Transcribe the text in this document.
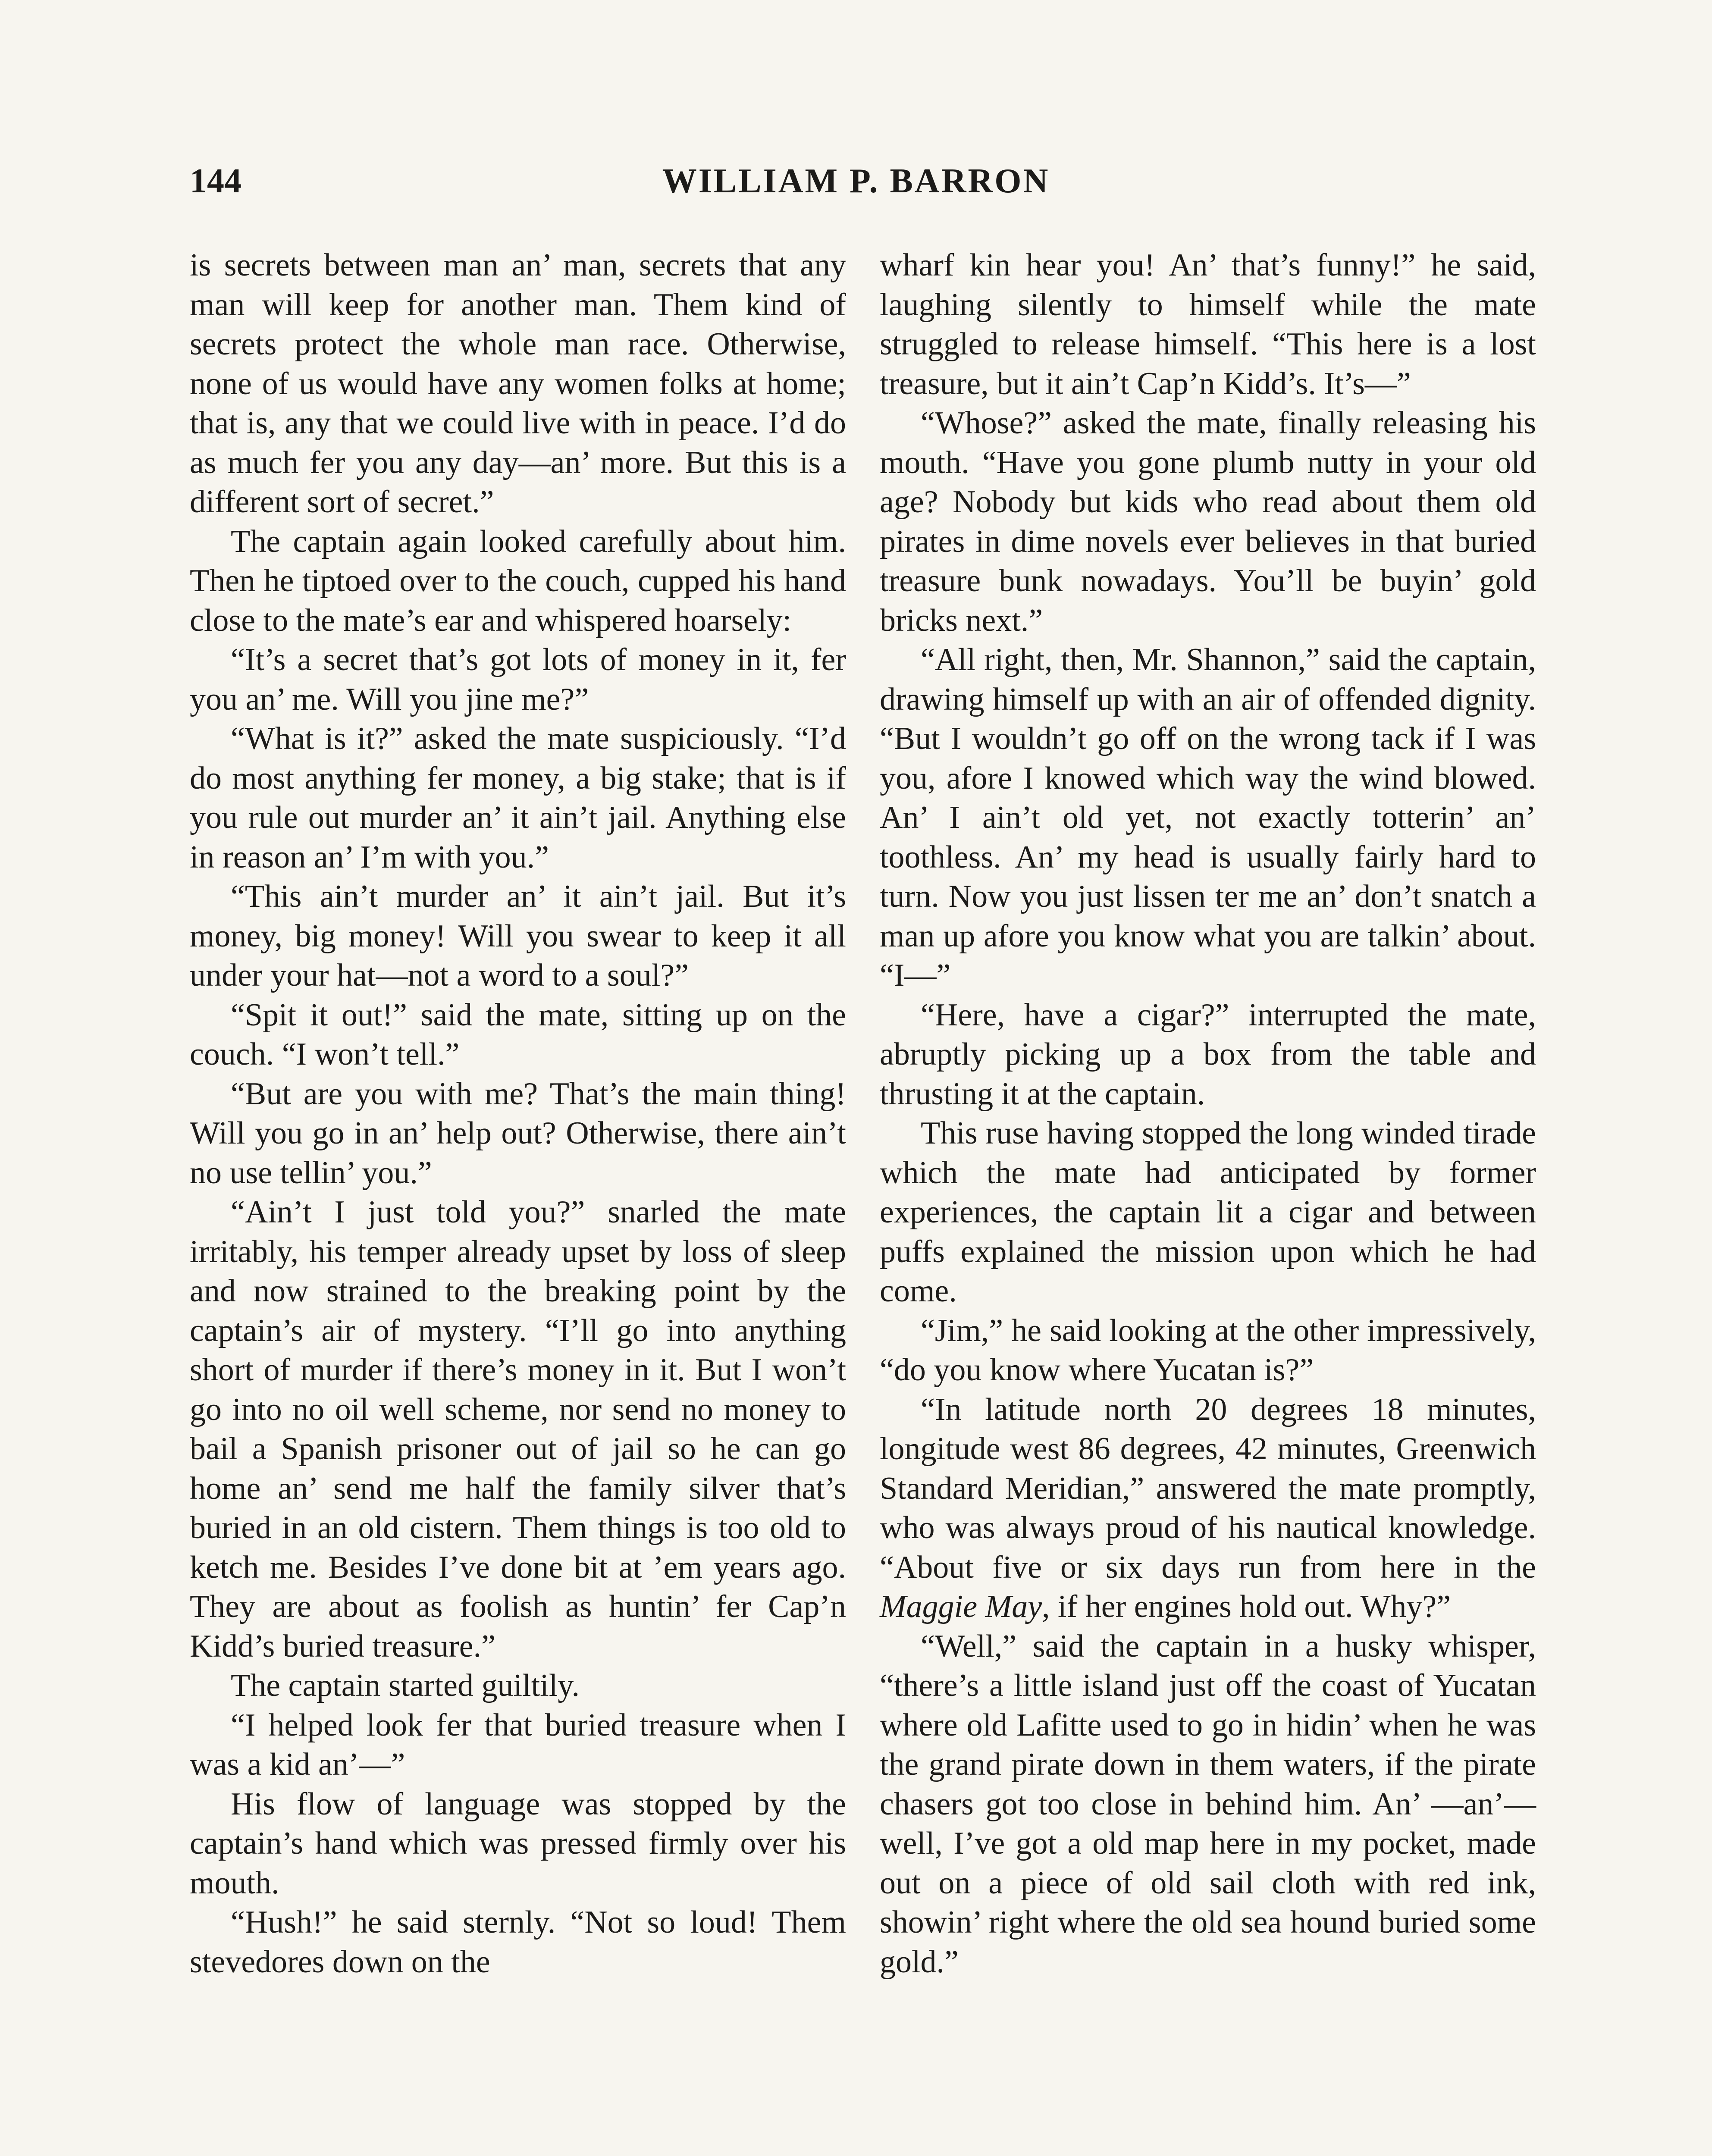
144	WILLIAM P. BARRON

is secrets between man an’ man, secrets that any man will keep for another man. Them kind of secrets protect the whole man race. Otherwise, none of us would have any women folks at home; that is, any that we could live with in peace. I’d do as much fer you any day—an’ more. But this is a different sort of secret.”

The captain again looked carefully about him. Then he tiptoed over to the couch, cupped his hand close to the mate’s ear and whispered hoarsely:

“It’s a secret that’s got lots of money in it, fer you an’ me. Will you jine me?”

“What is it?” asked the mate suspiciously. “I’d do most anything fer money, a big stake; that is if you rule out murder an’ it ain’t jail. Anything else in reason an’ I’m with you.”

“This ain’t murder an’ it ain’t jail. But it’s money, big money! Will you swear to keep it all under your hat—not a word to a soul?”

“Spit it out!” said the mate, sitting up on the couch. “I won’t tell.”

“But are you with me? That’s the main thing! Will you go in an’ help out? Otherwise, there ain’t no use tellin’ you.”

“Ain’t I just told you?” snarled the mate irritably, his temper already upset by loss of sleep and now strained to the breaking point by the captain’s air of mystery. “I’ll go into anything short of murder if there’s money in it. But I won’t go into no oil well scheme, nor send no money to bail a Spanish prisoner out of jail so he can go home an’ send me half the family silver that’s buried in an old cistern. Them things is too old to ketch me. Besides I’ve done bit at ’em years ago. They are about as foolish as huntin’ fer Cap’n Kidd’s buried treasure.”

The captain started guiltily.

“I helped look fer that buried treasure when I was a kid an’—”

His flow of language was stopped by the captain’s hand which was pressed firmly over his mouth.

“Hush!” he said sternly. “Not so loud! Them stevedores down on the

wharf kin hear you! An’ that’s funny!” he said, laughing silently to himself while the mate struggled to release himself. “This here is a lost treasure, but it ain’t Cap’n Kidd’s. It’s—”

“Whose?” asked the mate, finally releasing his mouth. “Have you gone plumb nutty in your old age? Nobody but kids who read about them old pirates in dime novels ever believes in that buried treasure bunk nowadays. You’ll be buyin’ gold bricks next.”

“All right, then, Mr. Shannon,” said the captain, drawing himself up with an air of offended dignity. “But I wouldn’t go off on the wrong tack if I was you, afore I knowed which way the wind blowed. An’ I ain’t old yet, not exactly totterin’ an’ toothless. An’ my head is usually fairly hard to turn. Now you just lissen ter me an’ don’t snatch a man up afore you know what you are talkin’ about. “I—”

“Here, have a cigar?” interrupted the mate, abruptly picking up a box from the table and thrusting it at the captain.

This ruse having stopped the long winded tirade which the mate had anticipated by former experiences, the captain lit a cigar and between puffs explained the mission upon which he had come.

“Jim,” he said looking at the other impressively, “do you know where Yucatan is?”

“In latitude north 20 degrees 18 minutes, longitude west 86 degrees, 42 minutes, Greenwich Standard Meridian,” answered the mate promptly, who was always proud of his nautical knowledge. “About five or six days run from here in the Maggie May, if her engines hold out. Why?”

“Well,” said the captain in a husky whisper, “there’s a little island just off the coast of Yucatan where old Lafitte used to go in hidin’ when he was the grand pirate down in them waters, if the pirate chasers got too close in behind him. An’ —an’—well, I’ve got a old map here in my pocket, made out on a piece of old sail cloth with red ink, showin’ right where the old sea hound buried some gold.”
